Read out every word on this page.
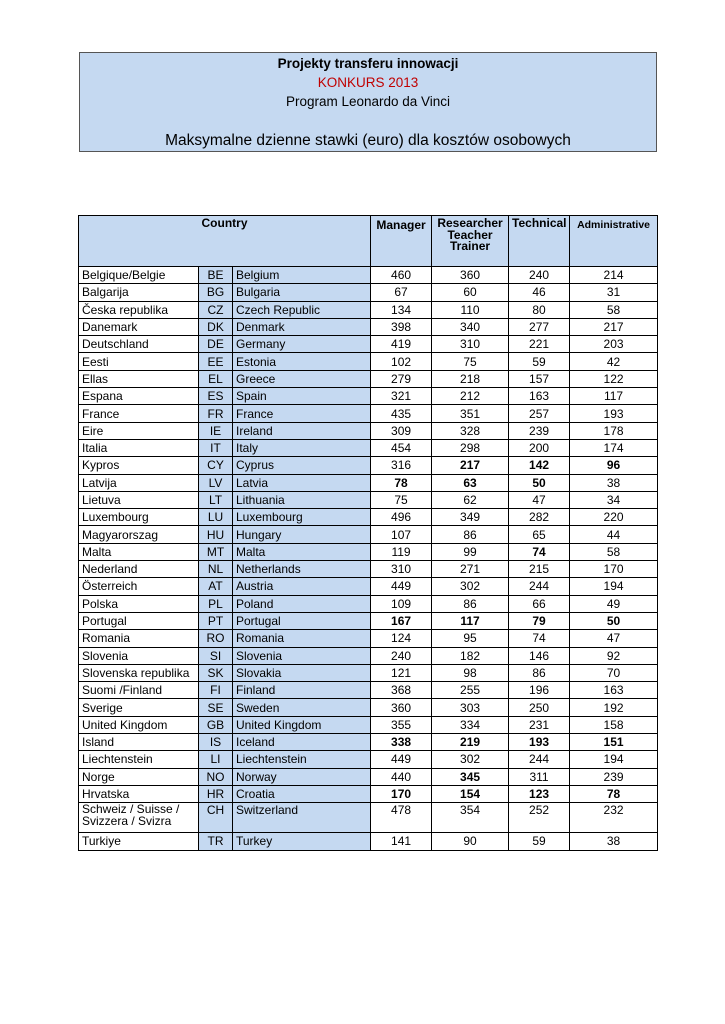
Projekty transferu innowacji
KONKURS 2013
Program Leonardo da Vinci
Maksymalne dzienne stawki (euro) dla kosztów osobowych
Country			Manager	Researcher
Teacher
Trainer	Technical	Administrative
Belgique/Belgie	BE	Belgium	460	360	240	214
Balgarija	BG	Bulgaria	67	60	46	31
Česka republika	CZ	Czech Republic	134	110	80	58
Danemark	DK	Denmark	398	340	277	217
Deutschland	DE	Germany	419	310	221	203
Eesti	EE	Estonia	102	75	59	42
Ellas	EL	Greece	279	218	157	122
Espana	ES	Spain	321	212	163	117
France	FR	France	435	351	257	193
Eire	IE	Ireland	309	328	239	178
Italia	IT	Italy	454	298	200	174
Kypros	CY	Cyprus	316	217	142	96
Latvija	LV	Latvia	78	63	50	38
Lietuva	LT	Lithuania	75	62	47	34
Luxembourg	LU	Luxembourg	496	349	282	220
Magyarorszag	HU	Hungary	107	86	65	44
Malta	MT	Malta	119	99	74	58
Nederland	NL	Netherlands	310	271	215	170
Österreich	AT	Austria	449	302	244	194
Polska	PL	Poland	109	86	66	49
Portugal	PT	Portugal	167	117	79	50
Romania	RO	Romania	124	95	74	47
Slovenia	SI	Slovenia	240	182	146	92
Slovenska republika	SK	Slovakia	121	98	86	70
Suomi /Finland	FI	Finland	368	255	196	163
Sverige	SE	Sweden	360	303	250	192
United Kingdom	GB	United Kingdom	355	334	231	158
Island	IS	Iceland	338	219	193	151
Liechtenstein	LI	Liechtenstein	449	302	244	194
Norge	NO	Norway	440	345	311	239
Hrvatska	HR	Croatia	170	154	123	78
Schweiz / Suisse / Svizzera / Svizra	CH	Switzerland	478	354	252	232
Turkiye	TR	Turkey	141	90	59	38
